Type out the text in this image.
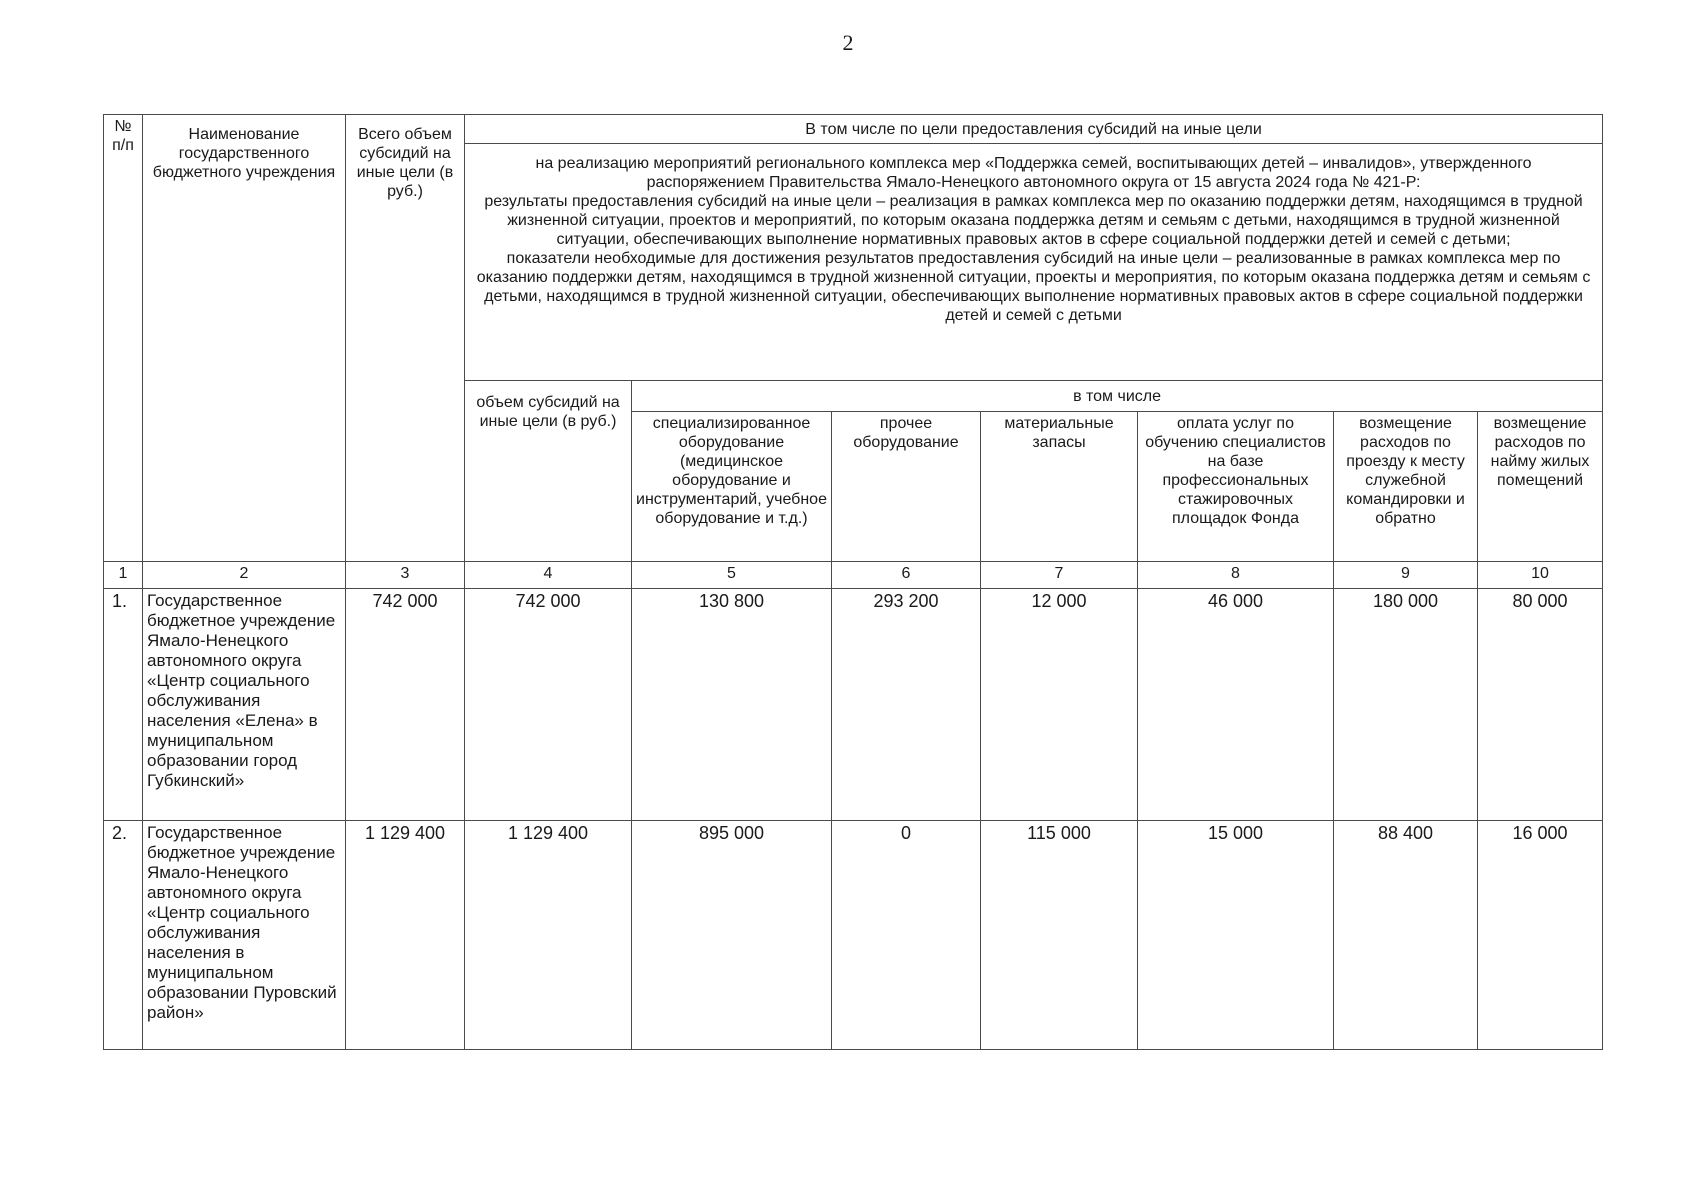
2
№ п/п	Наименование государственного бюджетного учреждения	Всего объем субсидий на иные цели (в руб.)	В том числе по цели предоставления субсидий на иные цели						

			на реализацию мероприятий регионального комплекса мер «Поддержка семей, воспитывающих детей – инвалидов», утвержденного распоряжением Правительства Ямало-Ненецкого автономного округа от 15 августа 2024 года № 421-Р:
результаты предоставления субсидий на иные цели – реализация в рамках комплекса мер по оказанию поддержки детям, находящимся в трудной жизненной ситуации, проектов и мероприятий, по которым оказана поддержка детям и семьям с детьми, находящимся в трудной жизненной ситуации, обеспечивающих выполнение нормативных правовых актов в сфере социальной поддержки детей и семей с детьми;
показатели необходимые для достижения результатов предоставления субсидий на иные цели – реализованные в рамках комплекса мер по оказанию поддержки детям, находящимся в трудной жизненной ситуации, проекты и мероприятия, по которым оказана поддержка детям и семьям с детьми, находящимся в трудной жизненной ситуации, обеспечивающих выполнение нормативных правовых актов в сфере социальной поддержки детей и семей с детьми						

			объем субсидий на иные цели (в руб.)	в том числе					

				специализированное оборудование (медицинское оборудование и инструментарий, учебное оборудование и т.д.)	прочее оборудование	материальные запасы	оплата услуг по обучению специалистов на базе профессиональных стажировочных площадок Фонда	возмещение расходов по проезду к месту служебной командировки и обратно	возмещение расходов по найму жилых помещений

1	2	3	4	5	6	7	8	9	10
1.	Государственное бюджетное учреждение Ямало-Ненецкого автономного округа «Центр социального обслуживания населения «Елена» в муниципальном образовании город Губкинский»	742 000	742 000	130 800	293 200	12 000	46 000	180 000	80 000
2.	Государственное бюджетное учреждение Ямало-Ненецкого автономного округа «Центр социального обслуживания населения в муниципальном образовании Пуровский район»	1 129 400	1 129 400	895 000	0	115 000	15 000	88 400	16 000
